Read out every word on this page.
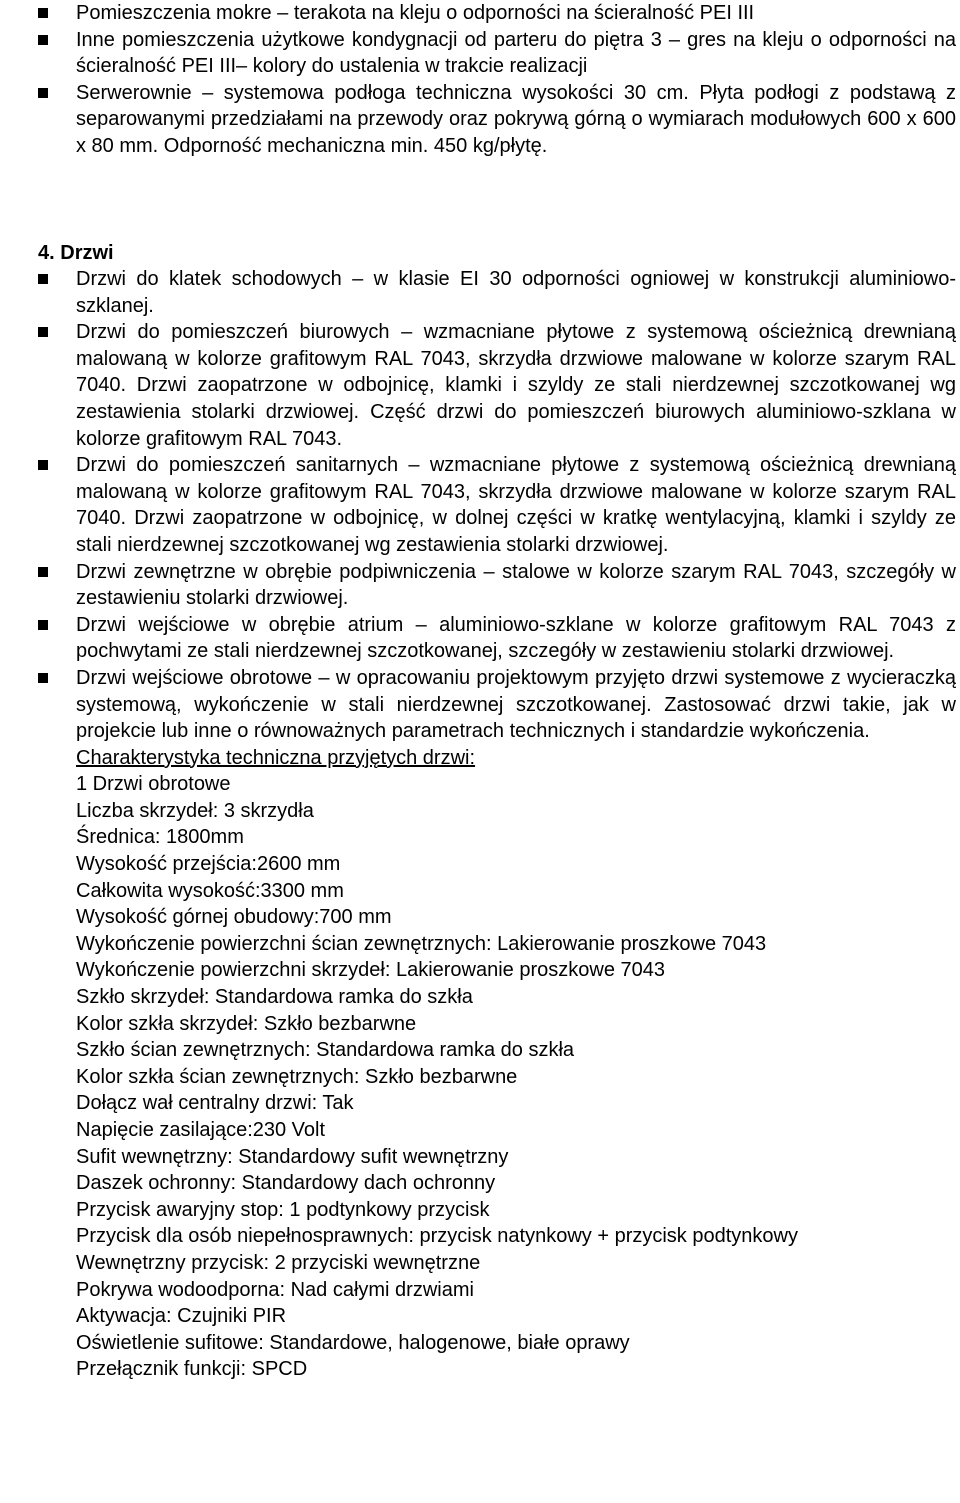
Pomieszczenia mokre – terakota na kleju o odporności na ścieralność PEI III
Inne pomieszczenia użytkowe kondygnacji od parteru do piętra 3 – gres na kleju o odporności na ścieralność PEI III– kolory do ustalenia w trakcie realizacji
Serwerownie – systemowa podłoga techniczna wysokości 30 cm. Płyta podłogi z podstawą z separowanymi przedziałami na przewody oraz pokrywą górną o wymiarach modułowych 600 x 600 x 80 mm. Odporność mechaniczna min. 450 kg/płytę.
4. Drzwi
Drzwi do klatek schodowych – w klasie EI 30 odporności ogniowej w konstrukcji aluminiowo-szklanej.
Drzwi do pomieszczeń biurowych – wzmacniane płytowe z systemową ościeżnicą drewnianą malowaną w kolorze grafitowym RAL 7043, skrzydła drzwiowe malowane w kolorze szarym RAL 7040. Drzwi zaopatrzone w odbojnicę, klamki i szyldy ze stali nierdzewnej szczotkowanej wg zestawienia stolarki drzwiowej. Część drzwi do pomieszczeń biurowych aluminiowo-szklana w kolorze grafitowym RAL 7043.
Drzwi do pomieszczeń sanitarnych – wzmacniane płytowe z systemową ościeżnicą drewnianą malowaną w kolorze grafitowym RAL 7043, skrzydła drzwiowe malowane w kolorze szarym RAL 7040. Drzwi zaopatrzone w odbojnicę, w dolnej części w kratkę wentylacyjną, klamki i szyldy ze stali nierdzewnej szczotkowanej wg zestawienia stolarki drzwiowej.
Drzwi zewnętrzne w obrębie podpiwniczenia – stalowe w kolorze szarym RAL 7043, szczegóły w zestawieniu stolarki drzwiowej.
Drzwi wejściowe w obrębie atrium – aluminiowo-szklane w kolorze grafitowym RAL 7043 z pochwytami ze stali nierdzewnej szczotkowanej, szczegóły w zestawieniu stolarki drzwiowej.
Drzwi wejściowe obrotowe – w opracowaniu projektowym przyjęto drzwi systemowe z wycieraczką systemową, wykończenie w stali nierdzewnej szczotkowanej. Zastosować drzwi takie, jak w projekcie lub inne o równoważnych parametrach technicznych i standardzie wykończenia.
Charakterystyka techniczna przyjętych drzwi:
1 Drzwi obrotowe
Liczba skrzydeł: 3 skrzydła
Średnica: 1800mm
Wysokość przejścia:2600 mm
Całkowita wysokość:3300 mm
Wysokość górnej obudowy:700 mm
Wykończenie powierzchni ścian zewnętrznych: Lakierowanie proszkowe 7043
Wykończenie powierzchni skrzydeł: Lakierowanie proszkowe 7043
Szkło skrzydeł: Standardowa ramka do szkła
Kolor szkła skrzydeł: Szkło bezbarwne
Szkło ścian zewnętrznych: Standardowa ramka do szkła
Kolor szkła ścian zewnętrznych: Szkło bezbarwne
Dołącz wał centralny drzwi: Tak
Napięcie zasilające:230 Volt
Sufit wewnętrzny: Standardowy sufit wewnętrzny
Daszek ochronny: Standardowy dach ochronny
Przycisk awaryjny stop: 1 podtynkowy przycisk
Przycisk dla osób niepełnosprawnych: przycisk natynkowy + przycisk podtynkowy
Wewnętrzny przycisk: 2 przyciski wewnętrzne
Pokrywa wodoodporna: Nad całymi drzwiami
Aktywacja: Czujniki PIR
Oświetlenie sufitowe: Standardowe, halogenowe, białe oprawy
Przełącznik funkcji: SPCD
